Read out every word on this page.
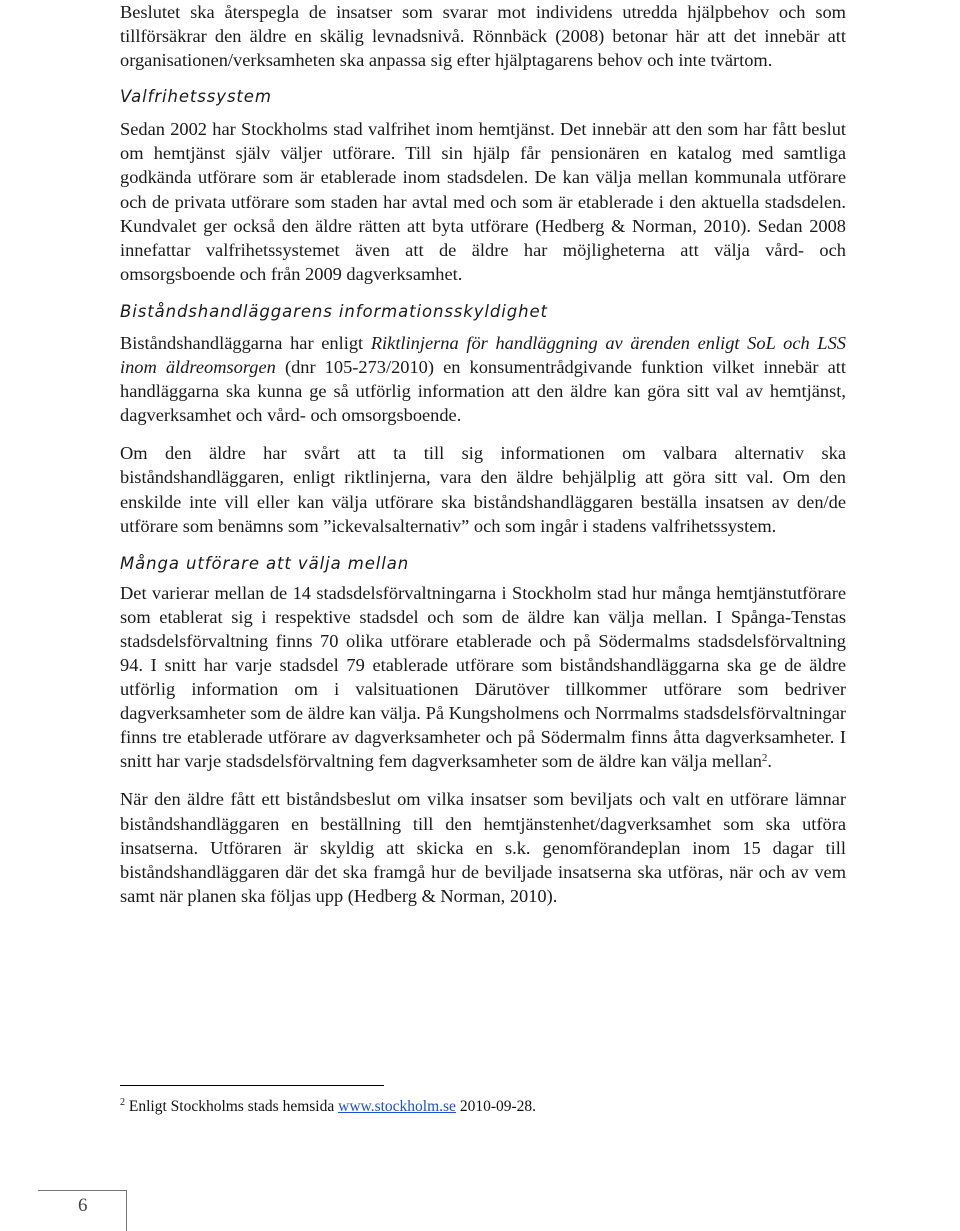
Beslutet ska återspegla de insatser som svarar mot individens utredda hjälpbehov och som tillförsäkrar den äldre en skälig levnadsnivå. Rönnbäck (2008) betonar här att det innebär att organisationen/verksamheten ska anpassa sig efter hjälptagarens behov och inte tvärtom.

Valfrihetssystem

Sedan 2002 har Stockholms stad valfrihet inom hemtjänst. Det innebär att den som har fått beslut om hemtjänst själv väljer utförare. Till sin hjälp får pensionären en katalog med samtliga godkända utförare som är etablerade inom stadsdelen. De kan välja mellan kommunala utförare och de privata utförare som staden har avtal med och som är etablerade i den aktuella stadsdelen. Kundvalet ger också den äldre rätten att byta utförare (Hedberg & Norman, 2010). Sedan 2008 innefattar valfrihetssystemet även att de äldre har möjligheterna att välja vård- och omsorgsboende och från 2009 dagverksamhet.

Biståndshandläggarens informationsskyldighet

Biståndshandläggarna har enligt Riktlinjerna för handläggning av ärenden enligt SoL och LSS inom äldreomsorgen (dnr 105-273/2010) en konsumentrådgivande funktion vilket innebär att handläggarna ska kunna ge så utförlig information att den äldre kan göra sitt val av hemtjänst, dagverksamhet och vård- och omsorgsboende.

Om den äldre har svårt att ta till sig informationen om valbara alternativ ska biståndshandläggaren, enligt riktlinjerna, vara den äldre behjälplig att göra sitt val. Om den enskilde inte vill eller kan välja utförare ska biståndshandläggaren beställa insatsen av den/de utförare som benämns som ”ickevalsalternativ” och som ingår i stadens valfrihetssystem.

Många utförare att välja mellan

Det varierar mellan de 14 stadsdelsförvaltningarna i Stockholm stad hur många hemtjänstutförare som etablerat sig i respektive stadsdel och som de äldre kan välja mellan. I Spånga-Tenstas stadsdelsförvaltning finns 70 olika utförare etablerade och på Södermalms stadsdelsförvaltning 94. I snitt har varje stadsdel 79 etablerade utförare som biståndshandläggarna ska ge de äldre utförlig information om i valsituationen Därutöver tillkommer utförare som bedriver dagverksamheter som de äldre kan välja. På Kungsholmens och Norrmalms stadsdelsförvaltningar finns tre etablerade utförare av dagverksamheter och på Södermalm finns åtta dagverksamheter. I snitt har varje stadsdelsförvaltning fem dagverksamheter som de äldre kan välja mellan$^2$.

När den äldre fått ett biståndsbeslut om vilka insatser som beviljats och valt en utförare lämnar biståndshandläggaren en beställning till den hemtjänstenhet/dagverksamhet som ska utföra insatserna. Utföraren är skyldig att skicka en s.k. genomförandeplan inom 15 dagar till biståndshandläggaren där det ska framgå hur de beviljade insatserna ska utföras, när och av vem samt när planen ska följas upp (Hedberg & Norman, 2010).

$^2$ Enligt Stockholms stads hemsida www.stockholm.se 2010-09-28.
6
